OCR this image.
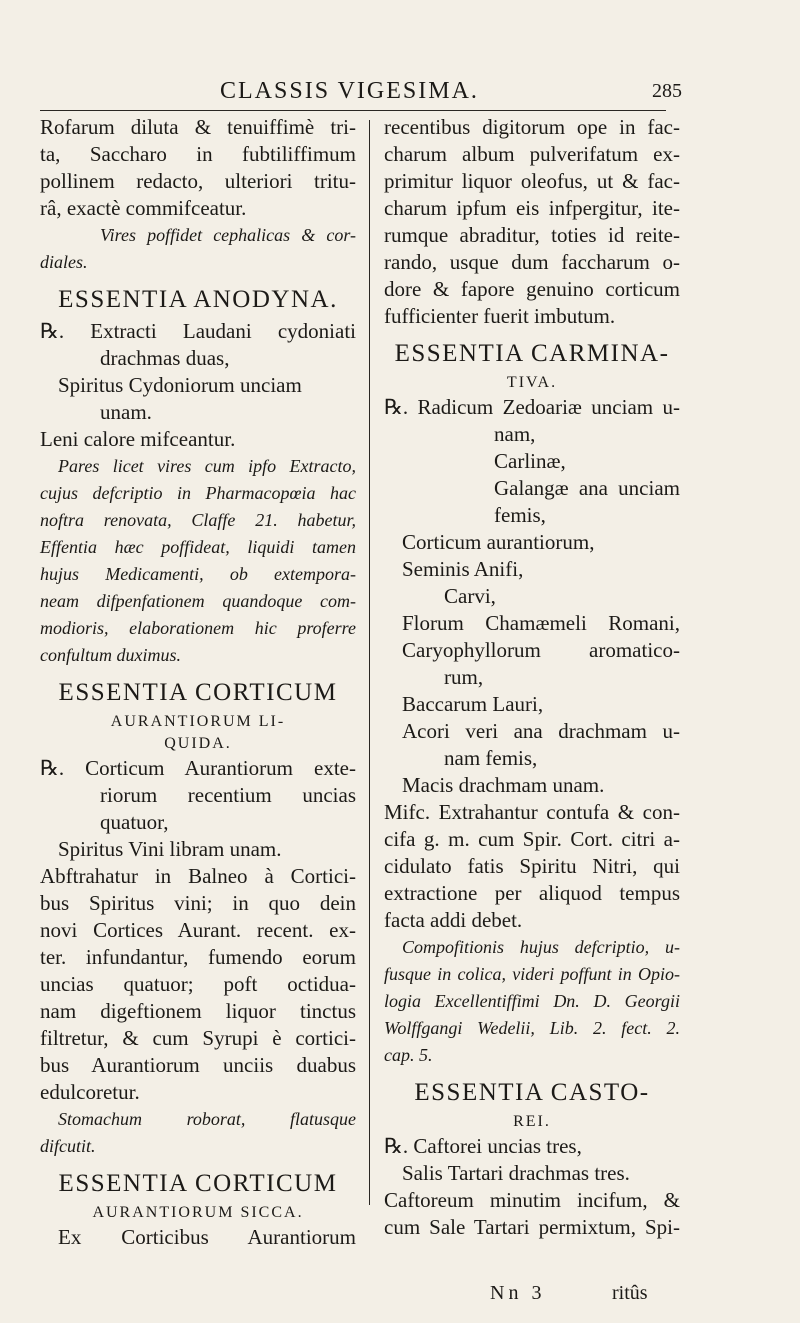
CLASSIS VIGESIMA.	285
Rofarum diluta & tenuiffimè tri-
ta, Saccharo in fubtiliffimum
pollinem redacto, ulteriori tritu-
râ, exactè commifceatur.
Vires poffidet cephalicas & cor-
diales.
ESSENTIA ANODYNA.
℞. Extracti Laudani cydoniati
drachmas duas,
Spiritus Cydoniorum unciam
unam.
Leni calore mifceantur.
Pares licet vires cum ipfo Extracto,
cujus defcriptio in Pharmacopœia hac
noftra renovata, Claffe 21. habetur,
Effentia hæc poffideat, liquidi tamen
hujus Medicamenti, ob extempora-
neam difpenfationem quandoque com-
modioris, elaborationem hic proferre
confultum duximus.
ESSENTIA CORTICUM
AURANTIORUM LI-
QUIDA.
℞. Corticum Aurantiorum exte-
riorum recentium uncias
quatuor,
Spiritus Vini libram unam.
Abftrahatur in Balneo à Cortici-
bus Spiritus vini; in quo dein
novi Cortices Aurant. recent. ex-
ter. infundantur, fumendo eorum
uncias quatuor; poft octidua-
nam digeftionem liquor tinctus
filtretur, & cum Syrupi è cortici-
bus Aurantiorum unciis duabus
edulcoretur.
Stomachum roborat, flatusque
difcutit.
ESSENTIA CORTICUM
AURANTIORUM SICCA.
Ex Corticibus Aurantiorum
recentibus digitorum ope in fac-
charum album pulverifatum ex-
primitur liquor oleofus, ut & fac-
charum ipfum eis infpergitur, ite-
rumque abraditur, toties id reite-
rando, usque dum faccharum o-
dore & fapore genuino corticum
fufficienter fuerit imbutum.
ESSENTIA CARMINA-
TIVA.
℞. Radicum Zedoariæ unciam u-
nam,
Carlinæ,
Galangæ ana unciam
femis,
Corticum aurantiorum,
Seminis Anifi,
Carvi,
Florum Chamæmeli Romani,
Caryophyllorum aromatico-
rum,
Baccarum Lauri,
Acori veri ana drachmam u-
nam femis,
Macis drachmam unam.
Mifc. Extrahantur contufa & con-
cifa g. m. cum Spir. Cort. citri a-
cidulato fatis Spiritu Nitri, qui
extractione per aliquod tempus
facta addi debet.
Compofitionis hujus defcriptio, u-
fusque in colica, videri poffunt in Opio-
logia Excellentiffimi Dn. D. Georgii
Wolffgangi Wedelii, Lib. 2. fect. 2.
cap. 5.
ESSENTIA CASTO-
REI.
℞. Caftorei uncias tres,
Salis Tartari drachmas tres.
Caftoreum minutim incifum, &
cum Sale Tartari permixtum, Spi-
Nn 3	ritûs
